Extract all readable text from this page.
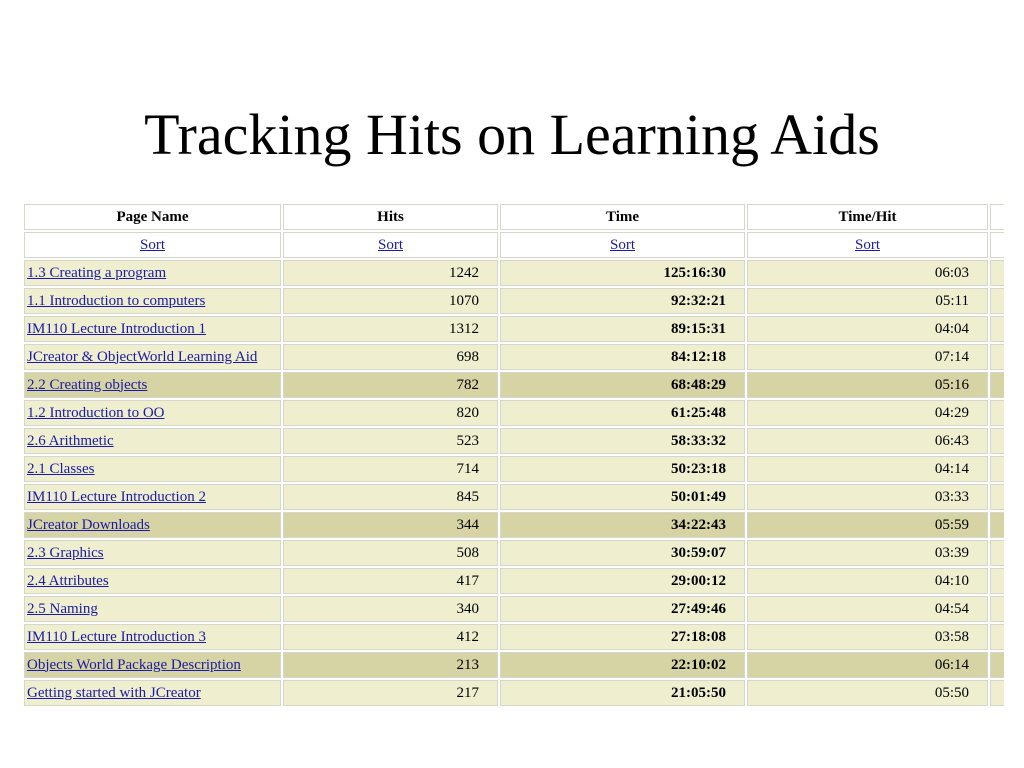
Tracking Hits on Learning Aids
Page Name	Hits	Time	Time/Hit	
Sort	Sort	Sort	Sort	
1.3 Creating a program	1242	125:16:30	06:03	
1.1 Introduction to computers	1070	92:32:21	05:11	
IM110 Lecture Introduction 1	1312	89:15:31	04:04	
JCreator & ObjectWorld Learning Aid	698	84:12:18	07:14	
2.2 Creating objects	782	68:48:29	05:16	
1.2 Introduction to OO	820	61:25:48	04:29	
2.6 Arithmetic	523	58:33:32	06:43	
2.1 Classes	714	50:23:18	04:14	
IM110 Lecture Introduction 2	845	50:01:49	03:33	
JCreator Downloads	344	34:22:43	05:59	
2.3 Graphics	508	30:59:07	03:39	
2.4 Attributes	417	29:00:12	04:10	
2.5 Naming	340	27:49:46	04:54	
IM110 Lecture Introduction 3	412	27:18:08	03:58	
Objects World Package Description	213	22:10:02	06:14	
Getting started with JCreator	217	21:05:50	05:50	
